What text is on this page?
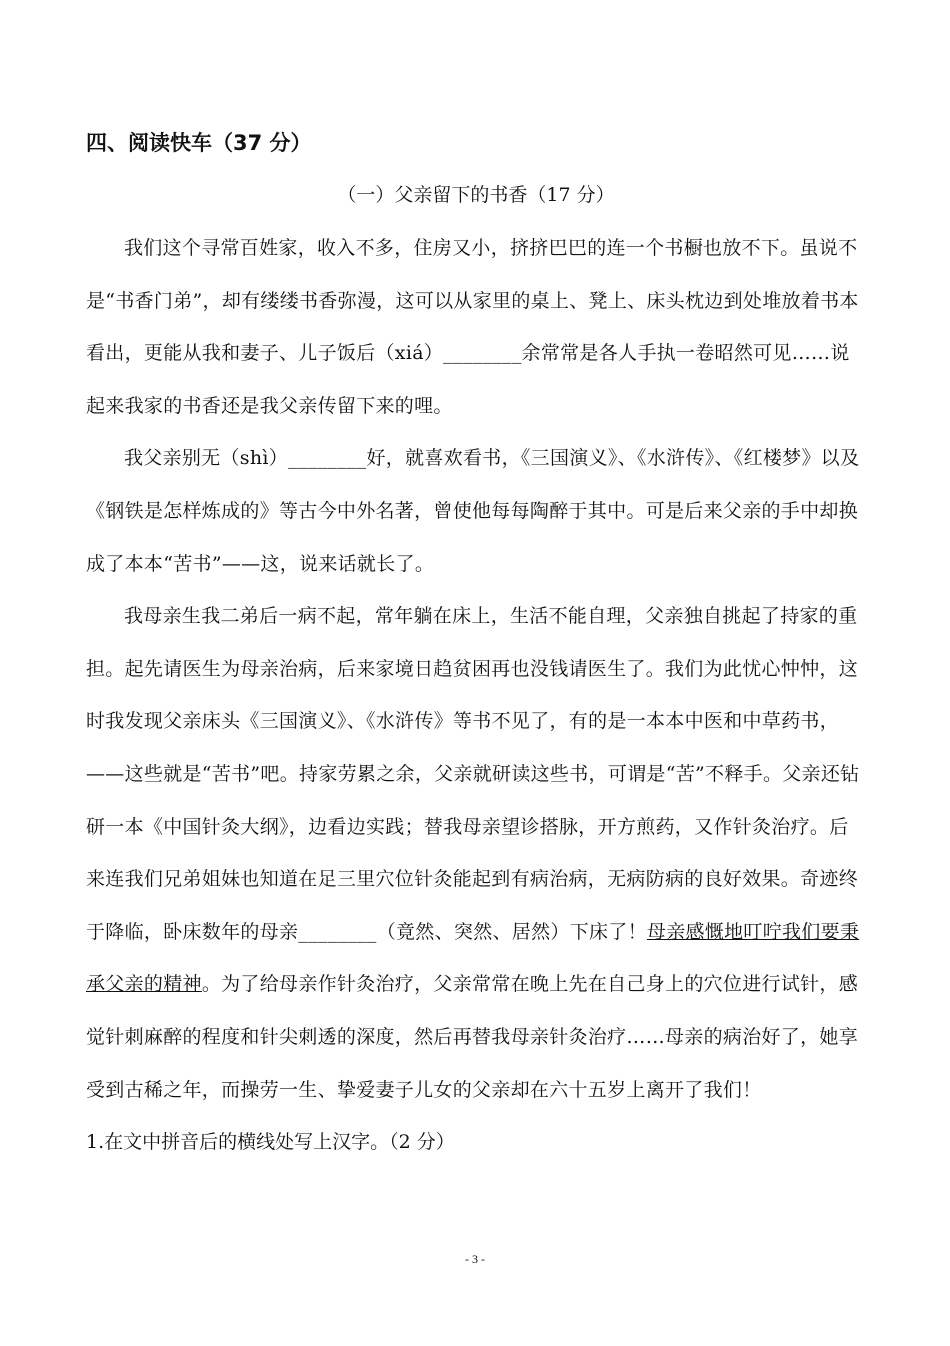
四、阅读快车（37 分）
（一）父亲留下的书香（17 分）

我们这个寻常百姓家，收入不多，住房又小，挤挤巴巴的连一个书橱也放不下。虽说不是“书香门弟”，却有缕缕书香弥漫，这可以从家里的桌上、凳上、床头枕边到处堆放着书本看出，更能从我和妻子、儿子饭后（xiá）________余常常是各人手执一卷昭然可见……说起来我家的书香还是我父亲传留下来的哩。

我父亲别无（shì）________好，就喜欢看书，《三国演义》、《水浒传》、《红楼梦》以及《钢铁是怎样炼成的》等古今中外名著，曾使他每每陶醉于其中。可是后来父亲的手中却换成了本本“苦书”——这，说来话就长了。

我母亲生我二弟后一病不起，常年躺在床上，生活不能自理，父亲独自挑起了持家的重担。起先请医生为母亲治病，后来家境日趋贫困再也没钱请医生了。我们为此忧心忡忡，这时我发现父亲床头《三国演义》、《水浒传》等书不见了，有的是一本本中医和中草药书，——这些就是“苦书”吧。持家劳累之余，父亲就研读这些书，可谓是“苦”不释手。父亲还钻研一本《中国针灸大纲》，边看边实践；替我母亲望诊搭脉，开方煎药，又作针灸治疗。后来连我们兄弟姐妹也知道在足三里穴位针灸能起到有病治病，无病防病的良好效果。奇迹终于降临，卧床数年的母亲________（竟然、突然、居然）下床了！母亲感慨地叮咛我们要秉承父亲的精神。为了给母亲作针灸治疗，父亲常常在晚上先在自己身上的穴位进行试针，感觉针刺麻醉的程度和针尖刺透的深度，然后再替我母亲针灸治疗……母亲的病治好了，她享受到古稀之年，而操劳一生、挚爱妻子儿女的父亲却在六十五岁上离开了我们！

1.在文中拼音后的横线处写上汉字。（2 分）
- 3 -
